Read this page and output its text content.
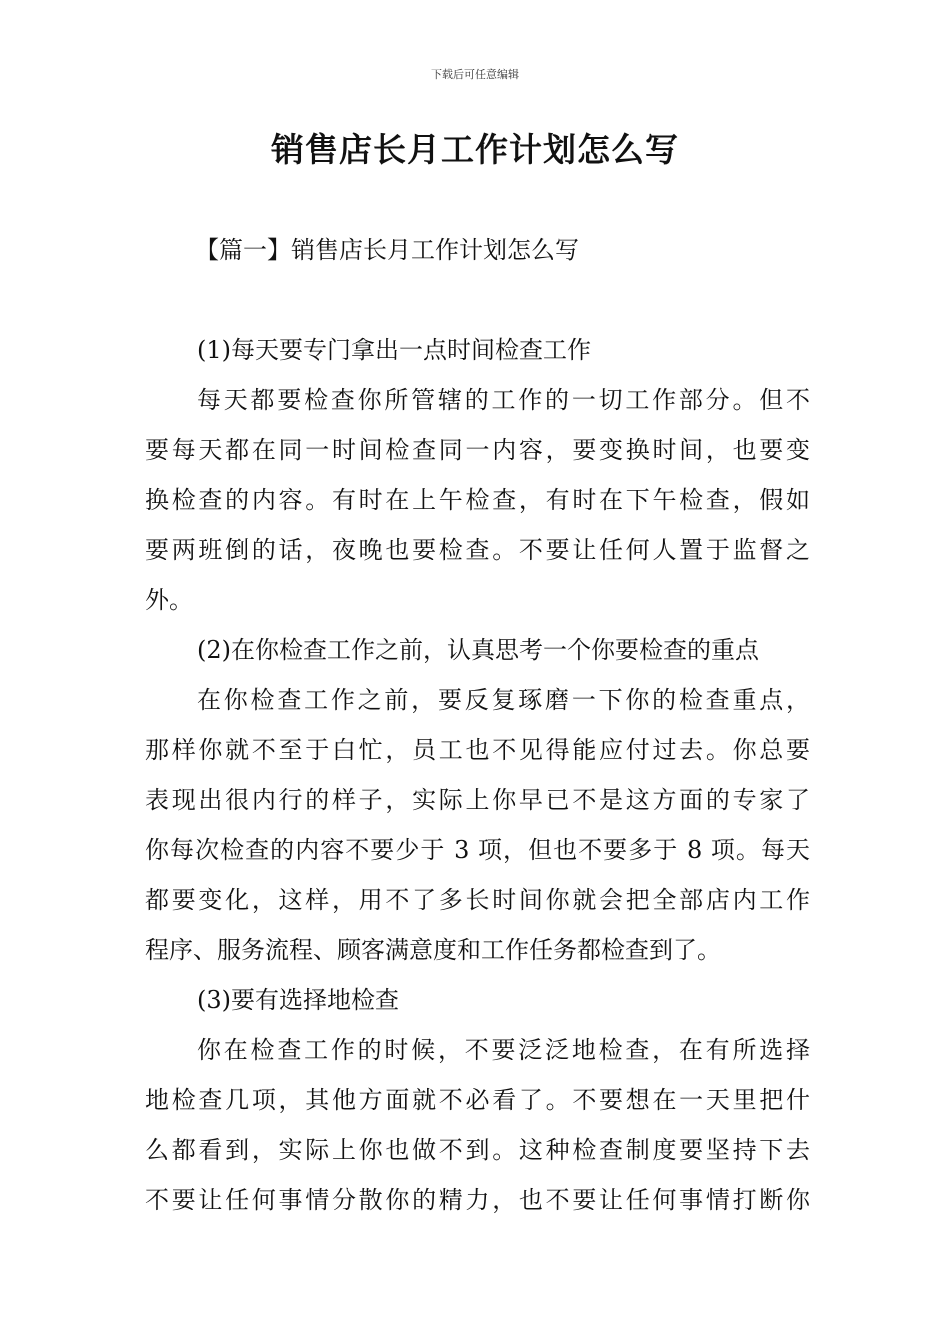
下载后可任意编辑
销售店长月工作计划怎么写
【篇一】销售店长月工作计划怎么写
(1)每天要专门拿出一点时间检查工作
每天都要检查你所管辖的工作的一切工作部分。但不
要每天都在同一时间检查同一内容，要变换时间，也要变
换检查的内容。有时在上午检查，有时在下午检查，假如
要两班倒的话，夜晚也要检查。不要让任何人置于监督之
外。
(2)在你检查工作之前，认真思考一个你要检查的重点
在你检查工作之前，要反复琢磨一下你的检查重点，
那样你就不至于白忙，员工也不见得能应付过去。你总要
表现出很内行的样子，实际上你早已不是这方面的专家了
你每次检查的内容不要少于 3 项，但也不要多于 8 项。每天
都要变化，这样，用不了多长时间你就会把全部店内工作
程序、服务流程、顾客满意度和工作任务都检查到了。
(3)要有选择地检查
你在检查工作的时候，不要泛泛地检查，在有所选择
地检查几项，其他方面就不必看了。不要想在一天里把什
么都看到，实际上你也做不到。这种检查制度要坚持下去
不要让任何事情分散你的精力，也不要让任何事情打断你
